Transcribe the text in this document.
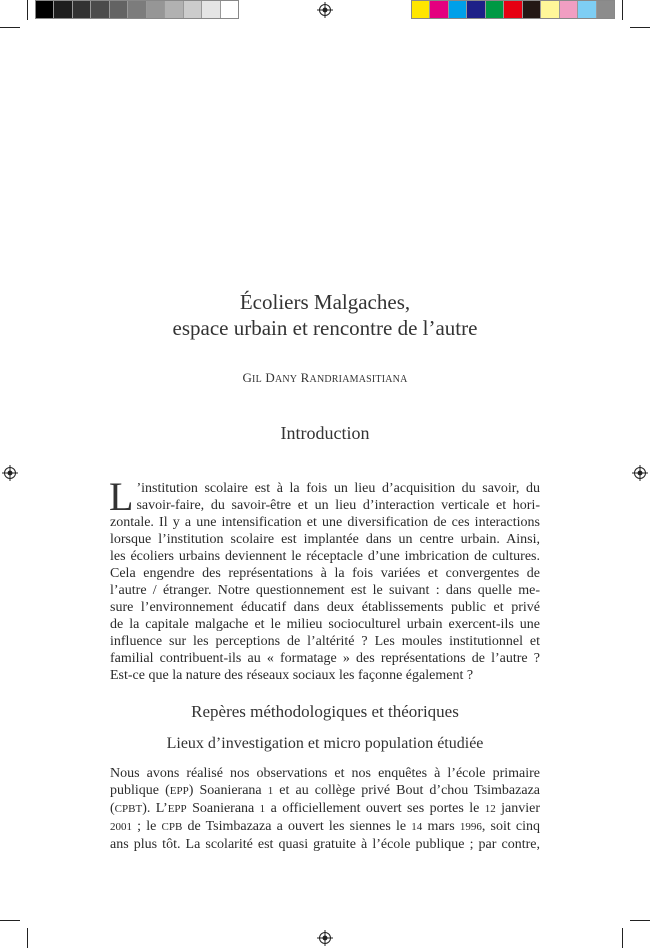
Écoliers Malgaches,
espace urbain et rencontre de l’autre
GIL DANY RANDRIAMASITIANA
Introduction
L ’institution scolaire est à la fois un lieu d’acquisition du savoir, du
savoir-faire, du savoir-être et un lieu d’interaction verticale et hori-
zontale. Il y a une intensification et une diversification de ces interactions
lorsque l’institution scolaire est implantée dans un centre urbain. Ainsi,
les écoliers urbains deviennent le réceptacle d’une imbrication de cultures.
Cela engendre des représentations à la fois variées et convergentes de
l’autre / étranger. Notre questionnement est le suivant : dans quelle me-
sure l’environnement éducatif dans deux établissements public et privé
de la capitale malgache et le milieu socioculturel urbain exercent-ils une
influence sur les perceptions de l’altérité ? Les moules institutionnel et
familial contribuent-ils au « formatage » des représentations de l’autre ?
Est-ce que la nature des réseaux sociaux les façonne également ?
Repères méthodologiques et théoriques
Lieux d’investigation et micro population étudiée
Nous avons réalisé nos observations et nos enquêtes à l’école primaire
publique (EPP) Soanierana 1 et au collège privé Bout d’chou Tsimbazaza
(CPBT). L’EPP Soanierana 1 a officiellement ouvert ses portes le 12 janvier
2001 ; le CPB de Tsimbazaza a ouvert les siennes le 14 mars 1996, soit cinq
ans plus tôt. La scolarité est quasi gratuite à l’école publique ; par contre,
